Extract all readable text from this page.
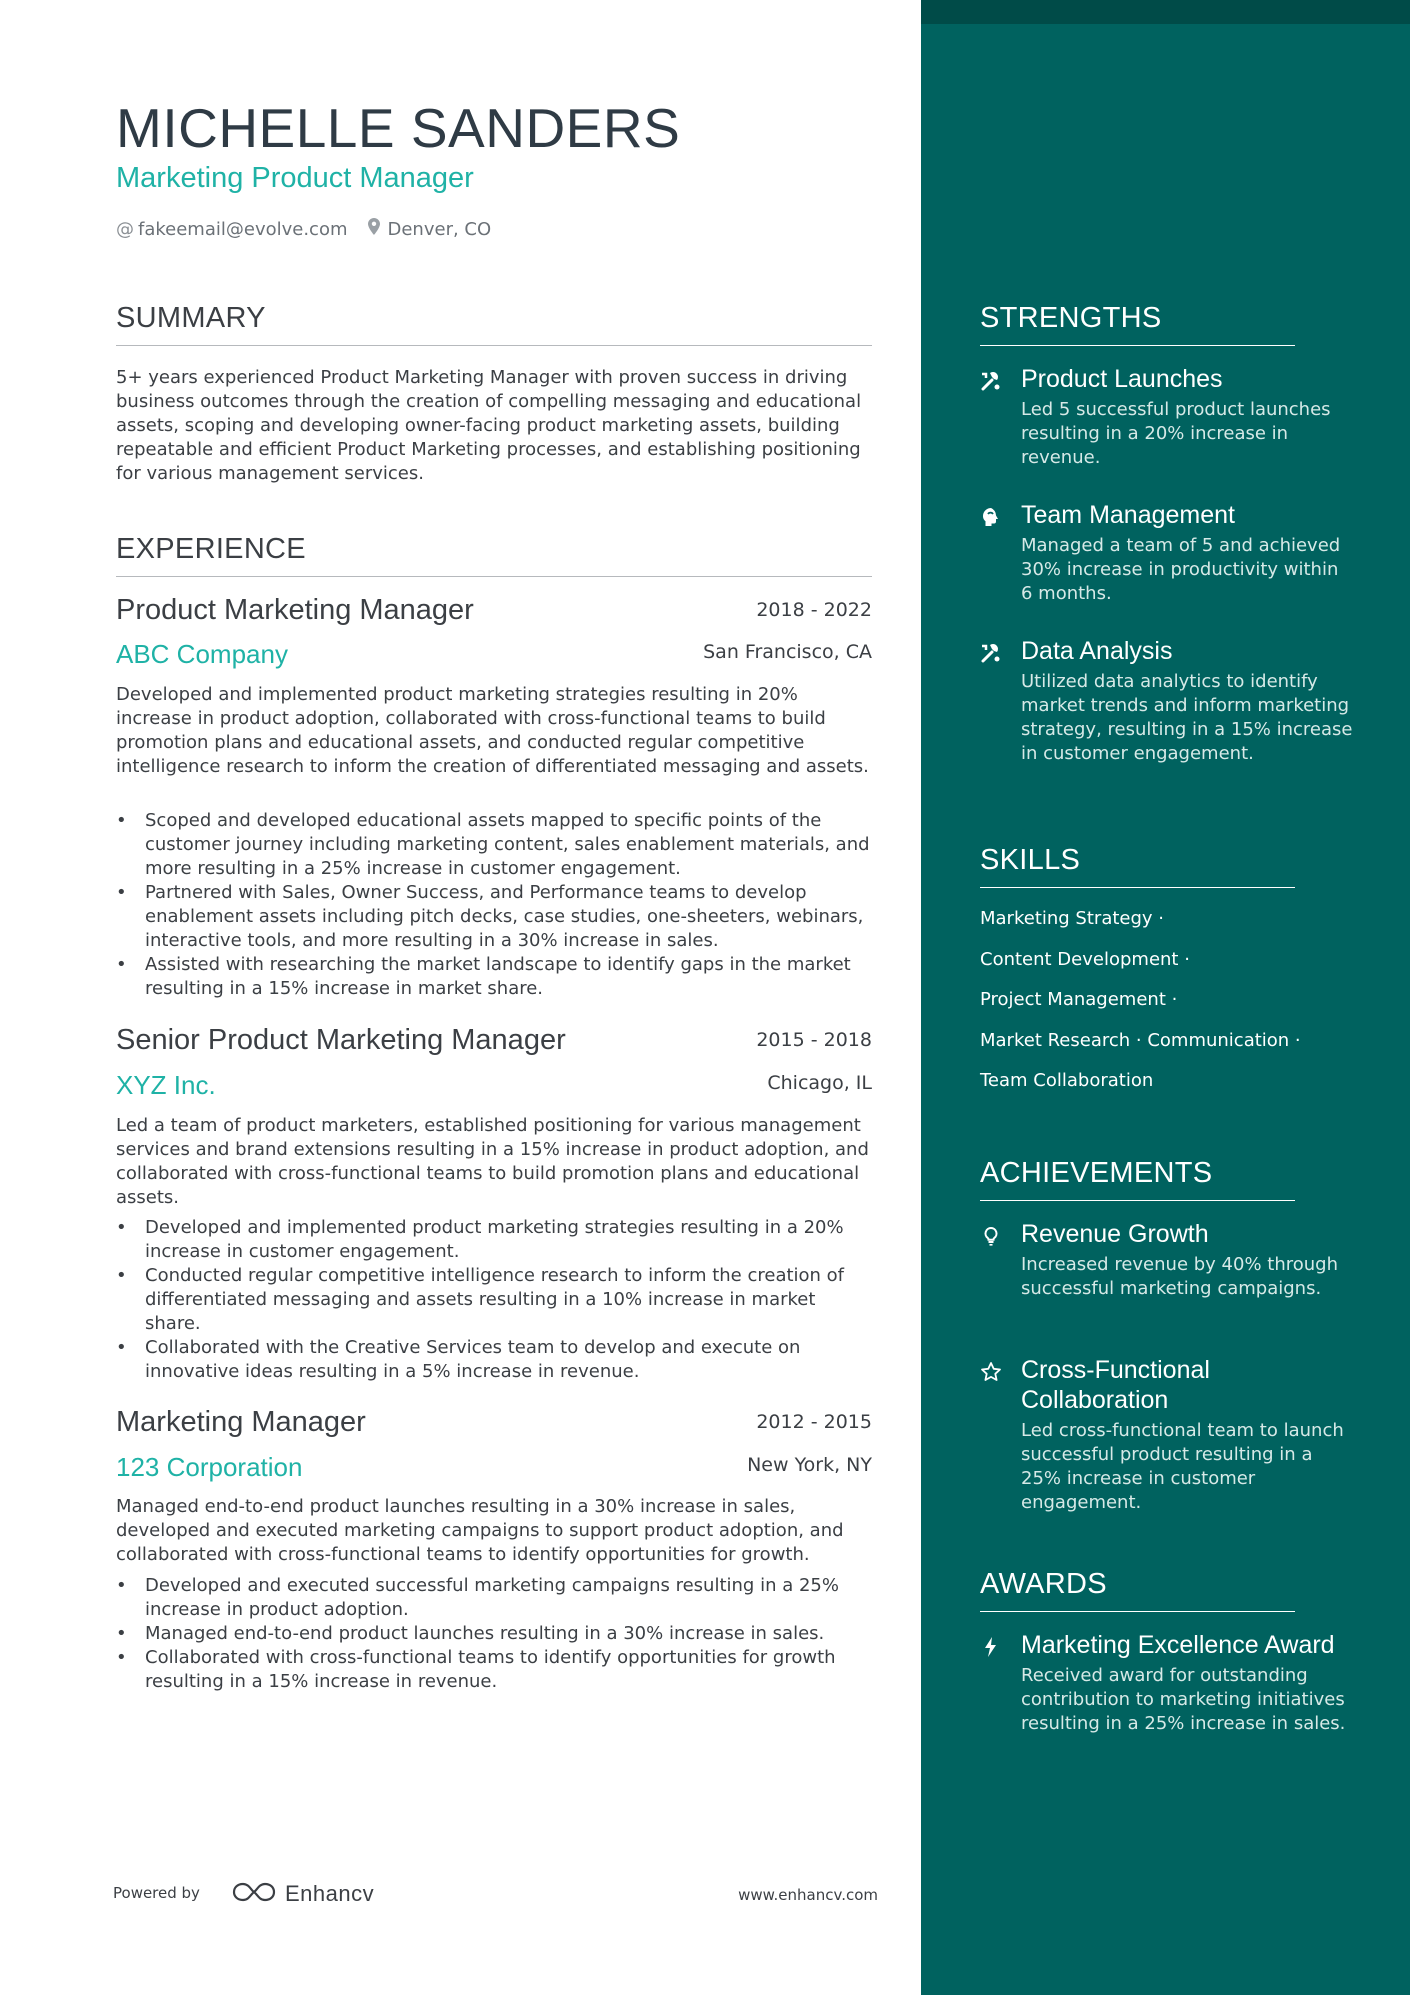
MICHELLE SANDERS
Marketing Product Manager
@ fakeemail@evolve.com Denver, CO
SUMMARY
5+ years experienced Product Marketing Manager with proven success in driving business outcomes through the creation of compelling messaging and educational assets, scoping and developing owner-facing product marketing assets, building repeatable and efficient Product Marketing processes, and establishing positioning for various management services.
EXPERIENCE
Product Marketing Manager	2018 - 2022
ABC Company	San Francisco, CA
Developed and implemented product marketing strategies resulting in 20% increase in product adoption, collaborated with cross-functional teams to build promotion plans and educational assets, and conducted regular competitive intelligence research to inform the creation of differentiated messaging and assets.
• Scoped and developed educational assets mapped to specific points of the customer journey including marketing content, sales enablement materials, and more resulting in a 25% increase in customer engagement.
• Partnered with Sales, Owner Success, and Performance teams to develop enablement assets including pitch decks, case studies, one-sheeters, webinars, interactive tools, and more resulting in a 30% increase in sales.
• Assisted with researching the market landscape to identify gaps in the market resulting in a 15% increase in market share.
Senior Product Marketing Manager	2015 - 2018
XYZ Inc.	Chicago, IL
Led a team of product marketers, established positioning for various management services and brand extensions resulting in a 15% increase in product adoption, and collaborated with cross-functional teams to build promotion plans and educational assets.
• Developed and implemented product marketing strategies resulting in a 20% increase in customer engagement.
• Conducted regular competitive intelligence research to inform the creation of differentiated messaging and assets resulting in a 10% increase in market share.
• Collaborated with the Creative Services team to develop and execute on innovative ideas resulting in a 5% increase in revenue.
Marketing Manager	2012 - 2015
123 Corporation	New York, NY
Managed end-to-end product launches resulting in a 30% increase in sales, developed and executed marketing campaigns to support product adoption, and collaborated with cross-functional teams to identify opportunities for growth.
• Developed and executed successful marketing campaigns resulting in a 25% increase in product adoption.
• Managed end-to-end product launches resulting in a 30% increase in sales.
• Collaborated with cross-functional teams to identify opportunities for growth resulting in a 15% increase in revenue.
STRENGTHS
Product Launches
Led 5 successful product launches resulting in a 20% increase in revenue.
Team Management
Managed a team of 5 and achieved 30% increase in productivity within 6 months.
Data Analysis
Utilized data analytics to identify market trends and inform marketing strategy, resulting in a 15% increase in customer engagement.
SKILLS
Marketing Strategy ·
Content Development ·
Project Management ·
Market Research · Communication ·
Team Collaboration
ACHIEVEMENTS
Revenue Growth
Increased revenue by 40% through successful marketing campaigns.
Cross-Functional Collaboration
Led cross-functional team to launch successful product resulting in a 25% increase in customer engagement.
AWARDS
Marketing Excellence Award
Received award for outstanding contribution to marketing initiatives resulting in a 25% increase in sales.
Powered by	Enhancv	www.enhancv.com
